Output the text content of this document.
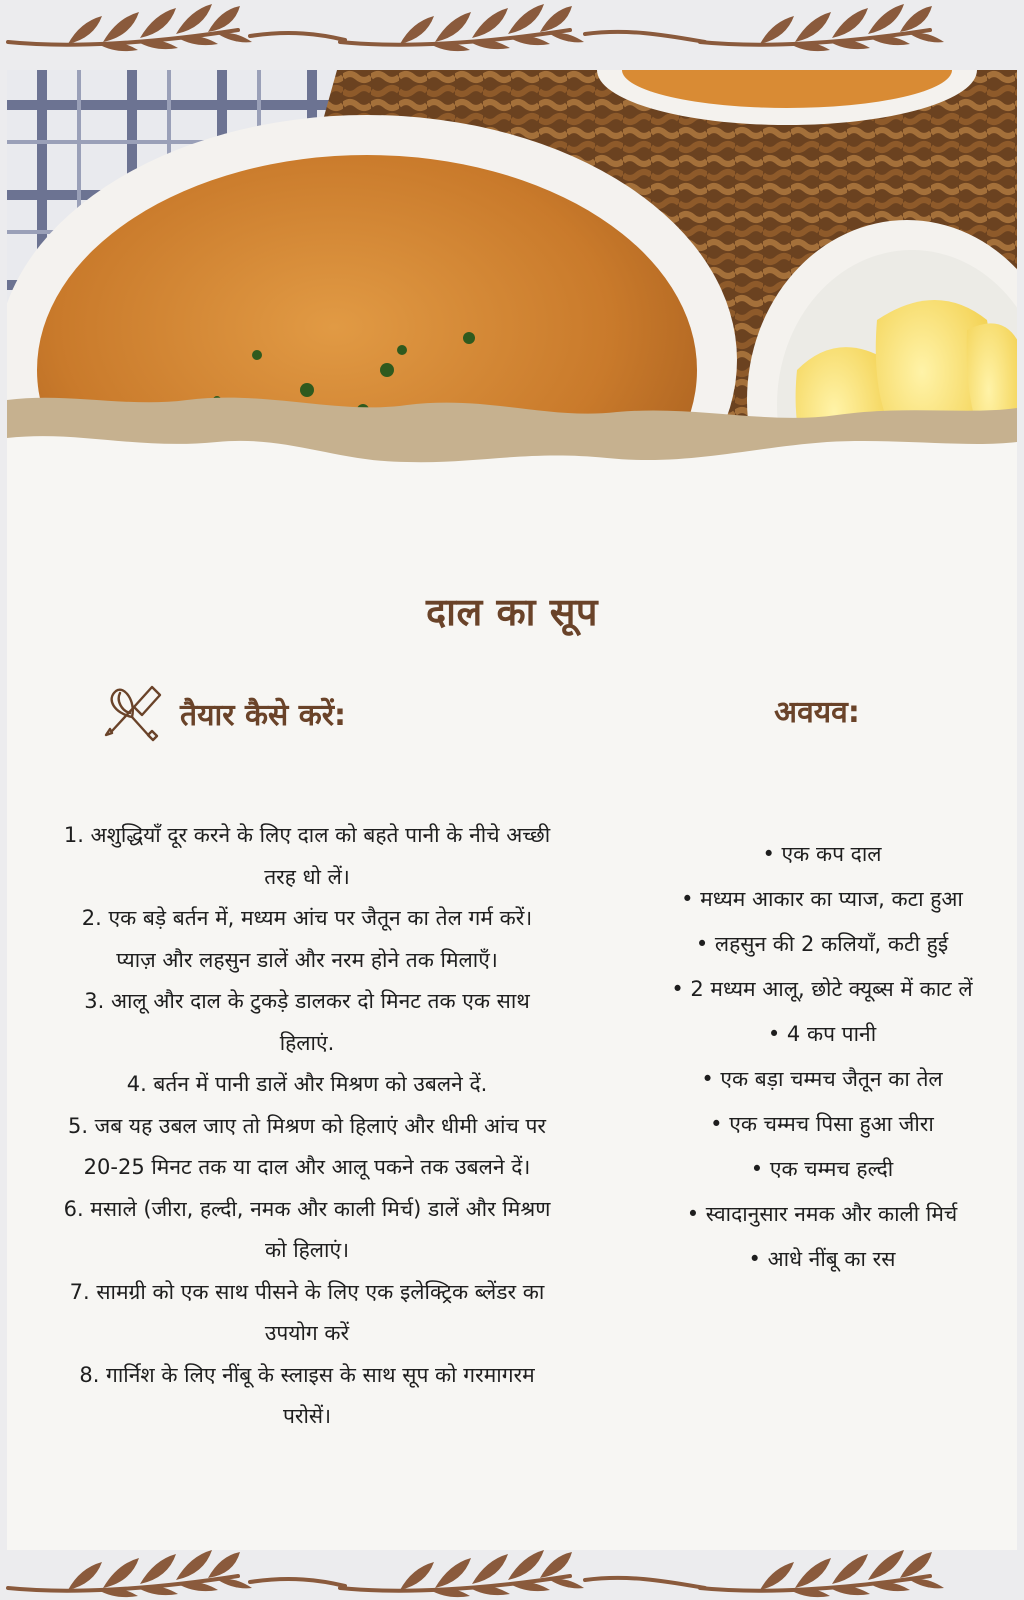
दाल का सूप
तैयार कैसे करें:	अवयव:
1. अशुद्धियाँ दूर करने के लिए दाल को बहते पानी के नीचे अच्छी तरह धो लें।
2. एक बड़े बर्तन में, मध्यम आंच पर जैतून का तेल गर्म करें। प्याज़ और लहसुन डालें और नरम होने तक मिलाएँ।
3. आलू और दाल के टुकड़े डालकर दो मिनट तक एक साथ हिलाएं.
4. बर्तन में पानी डालें और मिश्रण को उबलने दें.
5. जब यह उबल जाए तो मिश्रण को हिलाएं और धीमी आंच पर 20-25 मिनट तक या दाल और आलू पकने तक उबलने दें।
6. मसाले (जीरा, हल्दी, नमक और काली मिर्च) डालें और मिश्रण को हिलाएं।
7. सामग्री को एक साथ पीसने के लिए एक इलेक्ट्रिक ब्लेंडर का उपयोग करें
8. गार्निश के लिए नींबू के स्लाइस के साथ सूप को गरमागरम परोसें।
• एक कप दाल
• मध्यम आकार का प्याज, कटा हुआ
• लहसुन की 2 कलियाँ, कटी हुई
• 2 मध्यम आलू, छोटे क्यूब्स में काट लें
• 4 कप पानी
• एक बड़ा चम्मच जैतून का तेल
• एक चम्मच पिसा हुआ जीरा
• एक चम्मच हल्दी
• स्वादानुसार नमक और काली मिर्च
• आधे नींबू का रस
